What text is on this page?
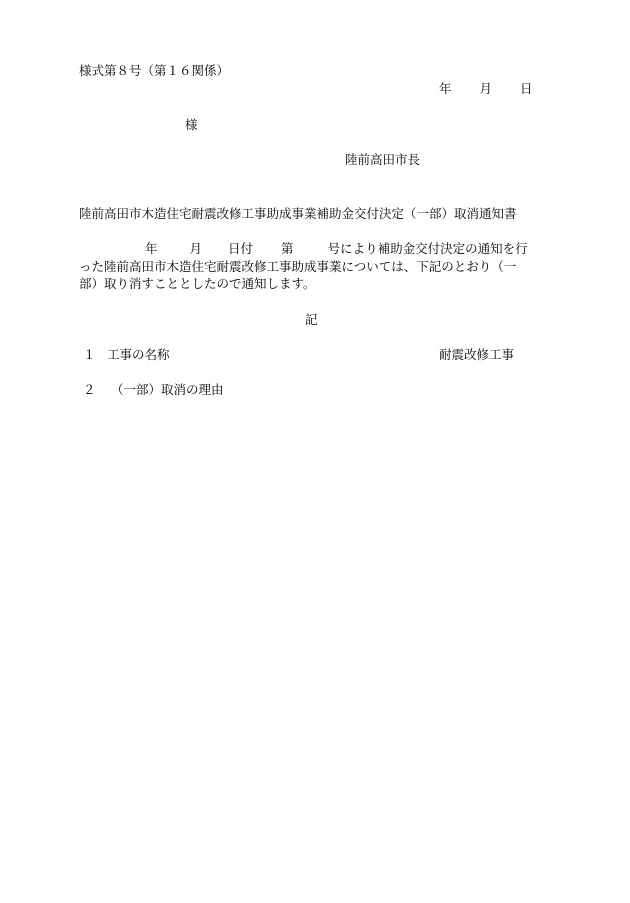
様式第８号（第１６関係）
年 月 日
様
陸前高田市長
陸前高田市木造住宅耐震改修工事助成事業補助金交付決定（一部）取消通知書
年	月 日付 第	号により補助金交付決定の通知を行
った陸前高田市木造住宅耐震改修工事助成事業については、下記のとおり（一
部）取り消すこととしたので通知します。
記
１ 工事の名称	耐震改修工事
２ （一部）取消の理由
